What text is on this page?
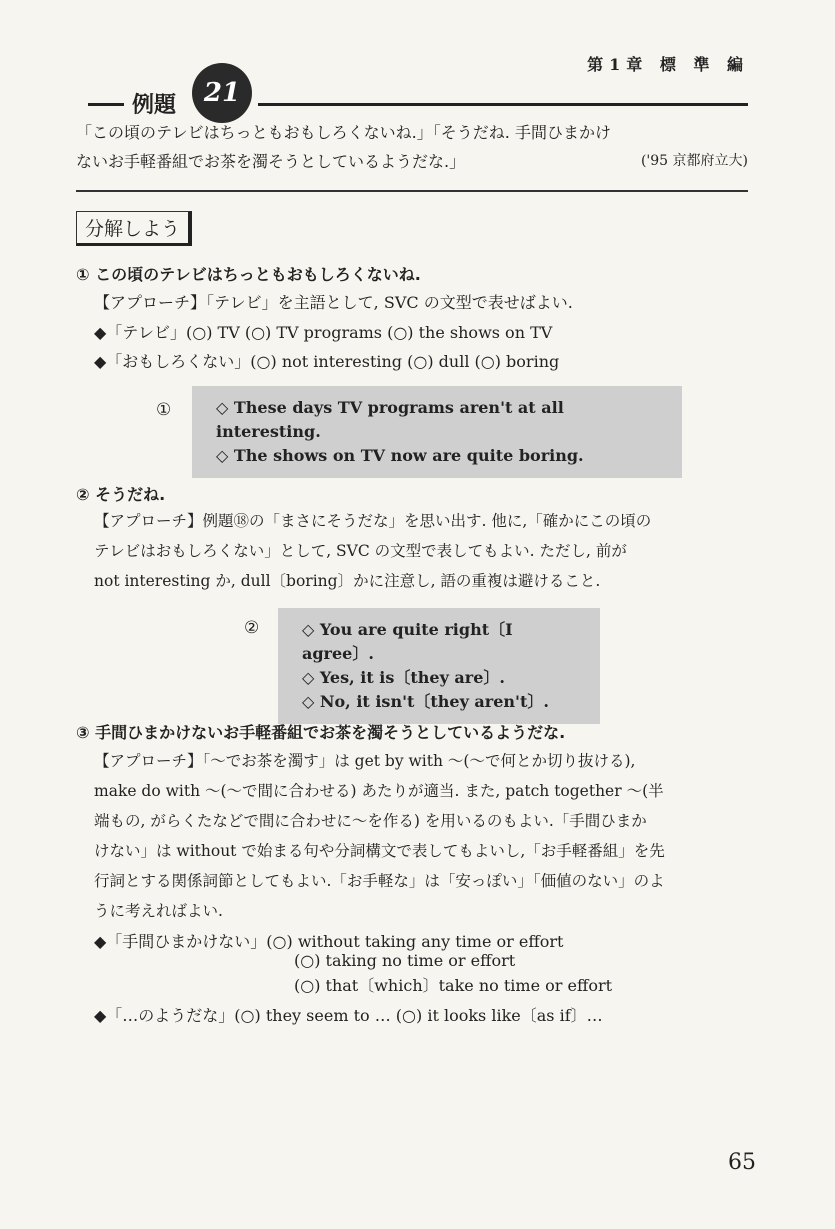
第1章 標 準 編
例題 21
「この頃のテレビはちっともおもしろくないね.」「そうだね. 手間ひまかけ
ないお手軽番組でお茶を濁そうとしているようだな.」	('95 京都府立大)
分解しよう
① この頃のテレビはちっともおもしろくないね.
【アプローチ】「テレビ」を主語として, SVC の文型で表せばよい.
◆「テレビ」(○) TV (○) TV programs (○) the shows on TV
◆「おもしろくない」(○) not interesting (○) dull (○) boring
①	◇ These days TV programs aren't at all interesting.
◇ The shows on TV now are quite boring.
② そうだね.
【アプローチ】例題⑱の「まさにそうだな」を思い出す. 他に,「確かにこの頃の
テレビはおもしろくない」として, SVC の文型で表してもよい. ただし, 前が
not interesting か, dull〔boring〕かに注意し, 語の重複は避けること.
②	◇ You are quite right〔I agree〕.
◇ Yes, it is〔they are〕.
◇ No, it isn't〔they aren't〕.
③ 手間ひまかけないお手軽番組でお茶を濁そうとしているようだな.
【アプローチ】「～でお茶を濁す」は get by with ～(～で何とか切り抜ける),
make do with ～(～で間に合わせる) あたりが適当. また, patch together ～(半
端もの, がらくたなどで間に合わせに～を作る) を用いるのもよい.「手間ひまか
けない」は without で始まる句や分詞構文で表してもよいし,「お手軽番組」を先
行詞とする関係詞節としてもよい.「お手軽な」は「安っぽい」「価値のない」のよ
うに考えればよい.
◆「手間ひまかけない」(○) without taking any time or effort
(○) taking no time or effort
(○) that〔which〕take no time or effort
◆「…のようだな」(○) they seem to … (○) it looks like〔as if〕…
65
